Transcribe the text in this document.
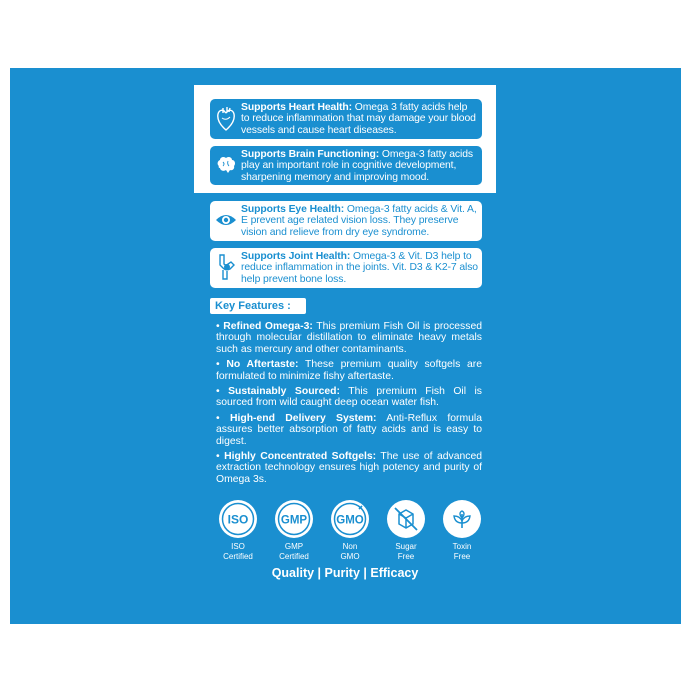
Supports Heart Health: Omega 3 fatty acids help to reduce inflammation that may damage your blood vessels and cause heart diseases.
Supports Brain Functioning: Omega-3 fatty acids play an important role in cognitive development, sharpening memory and improving mood.
Supports Eye Health: Omega-3 fatty acids & Vit. A, E prevent age related vision loss. They preserve vision and relieve from dry eye syndrome.
Supports Joint Health: Omega-3 & Vit. D3 help to reduce inflammation in the joints. Vit. D3 & K2-7 also help prevent bone loss.
Key Features :
• Refined Omega-3: This premium Fish Oil is processed through molecular distillation to eliminate heavy metals such as mercury and other contaminants.
• No Aftertaste: These premium quality softgels are formulated to minimize fishy aftertaste.
• Sustainably Sourced: This premium Fish Oil is sourced from wild caught deep ocean water fish.
• High-end Delivery System: Anti-Reflux formula assures better absorption of fatty acids and is easy to digest.
• Highly Concentrated Softgels: The use of advanced extraction technology ensures high potency and purity of Omega 3s.
ISO
ISO
Certified
GMP
GMP
Certified
GMO
Non
GMO
Sugar
Free
Toxin
Free
Quality | Purity | Efficacy
